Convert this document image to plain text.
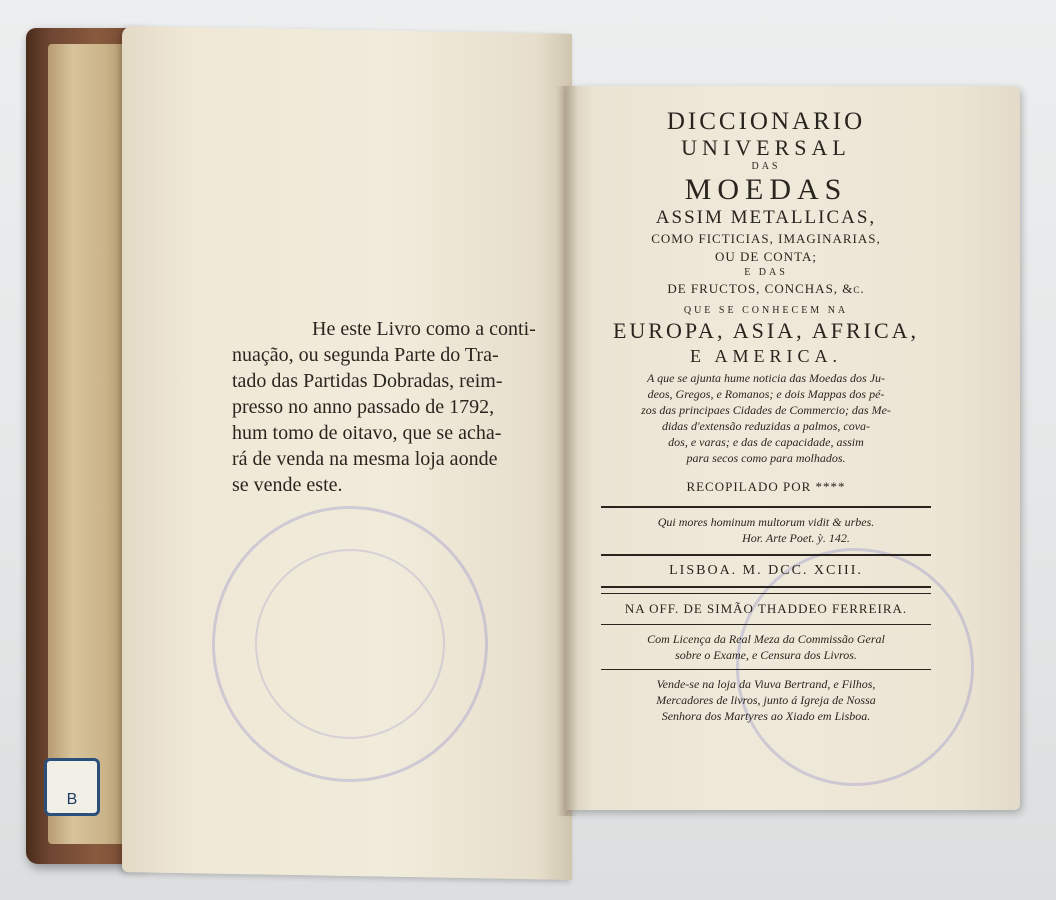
B
He este Livro como a conti-
nuação, ou segunda Parte do Tra-
tado das Partidas Dobradas, reim-
presso no anno passado de 1792,
hum tomo de oitavo, que se acha-
rá de venda na mesma loja aonde
se vende este.
DICCIONARIO
UNIVERSAL
DAS
MOEDAS
ASSIM METALLICAS,
COMO FICTICIAS, IMAGINARIAS,
OU DE CONTA;
E DAS
DE FRUCTOS, CONCHAS, &c.
QUE SE CONHECEM NA
EUROPA, ASIA, AFRICA,
E AMERICA.
A que se ajunta hume noticia das Moedas dos Ju-
deos, Gregos, e Romanos; e dois Mappas dos pé-
zos das principaes Cidades de Commercio; das Me-
didas d'extensão reduzidas a palmos, cova-
dos, e varas; e das de capacidade, assim
para secos como para molhados.
RECOPILADO POR ****
Qui mores hominum multorum vidit & urbes.
Hor. Arte Poet. ỳ. 142.
LISBOA. M. DCC. XCIII.
NA OFF. DE SIMÃO THADDEO FERREIRA.
Com Licença da Real Meza da Commissão Geral
sobre o Exame, e Censura dos Livros.
Vende-se na loja da Viuva Bertrand, e Filhos,
Mercadores de livros, junto á Igreja de Nossa
Senhora dos Martyres ao Xiado em Lisboa.
